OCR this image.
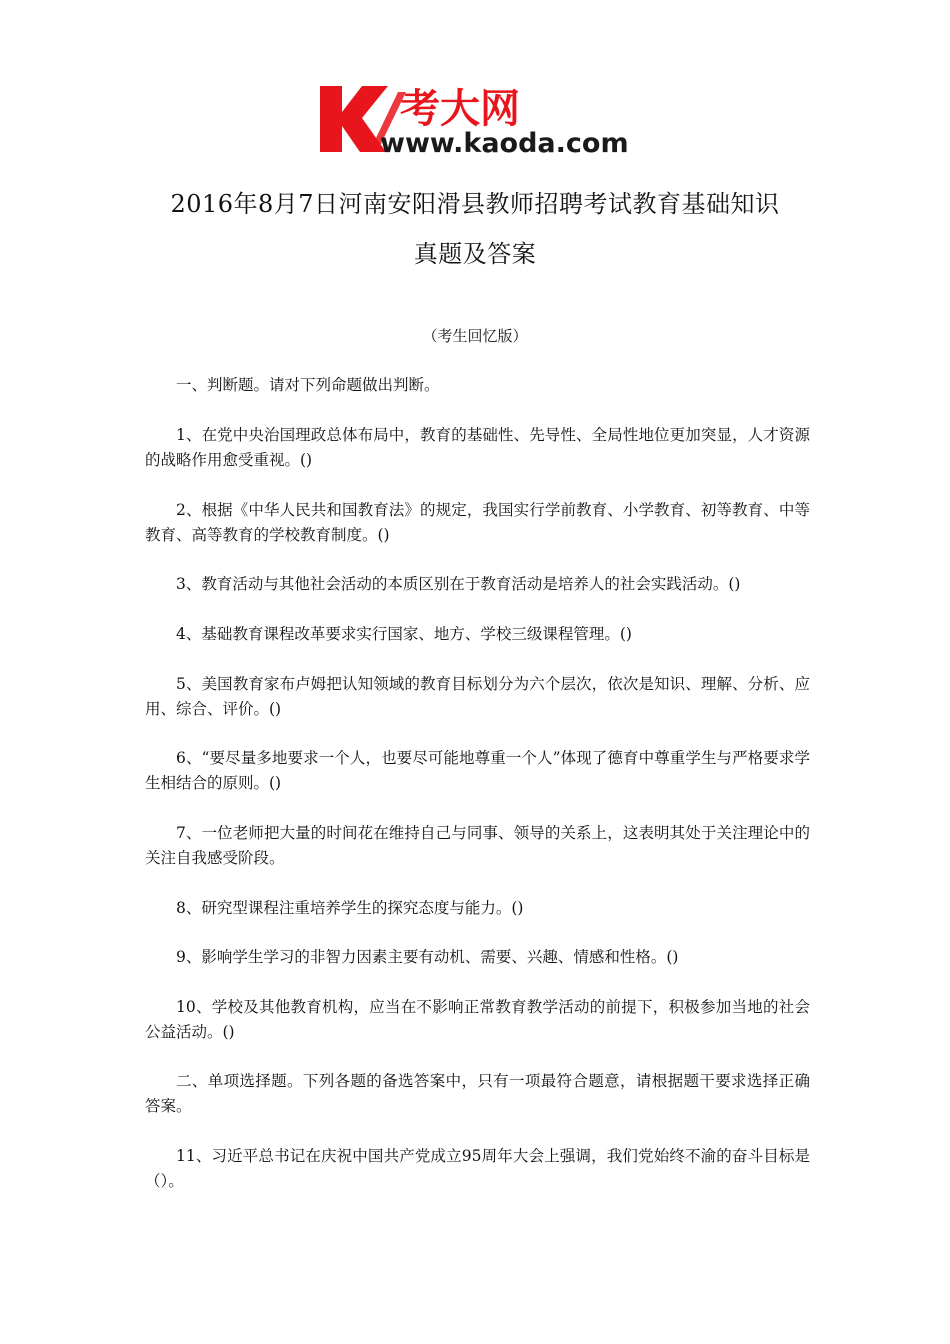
考大网
www.kaoda.com
2016年8月7日河南安阳滑县教师招聘考试教育基础知识
真题及答案
（考生回忆版）
一、判断题。请对下列命题做出判断。
1、在党中央治国理政总体布局中，教育的基础性、先导性、全局性地位更加突显，人才资源的战略作用愈受重视。()
2、根据《中华人民共和国教育法》的规定，我国实行学前教育、小学教育、初等教育、中等教育、高等教育的学校教育制度。()
3、教育活动与其他社会活动的本质区别在于教育活动是培养人的社会实践活动。()
4、基础教育课程改革要求实行国家、地方、学校三级课程管理。()
5、美国教育家布卢姆把认知领域的教育目标划分为六个层次，依次是知识、理解、分析、应用、综合、评价。()
6、“要尽量多地要求一个人，也要尽可能地尊重一个人”体现了德育中尊重学生与严格要求学生相结合的原则。()
7、一位老师把大量的时间花在维持自己与同事、领导的关系上，这表明其处于关注理论中的关注自我感受阶段。
8、研究型课程注重培养学生的探究态度与能力。()
9、影响学生学习的非智力因素主要有动机、需要、兴趣、情感和性格。()
10、学校及其他教育机构，应当在不影响正常教育教学活动的前提下，积极参加当地的社会公益活动。()
二、单项选择题。下列各题的备选答案中，只有一项最符合题意，请根据题干要求选择正确答案。
11、习近平总书记在庆祝中国共产党成立95周年大会上强调，我们党始终不渝的奋斗目标是（）。
